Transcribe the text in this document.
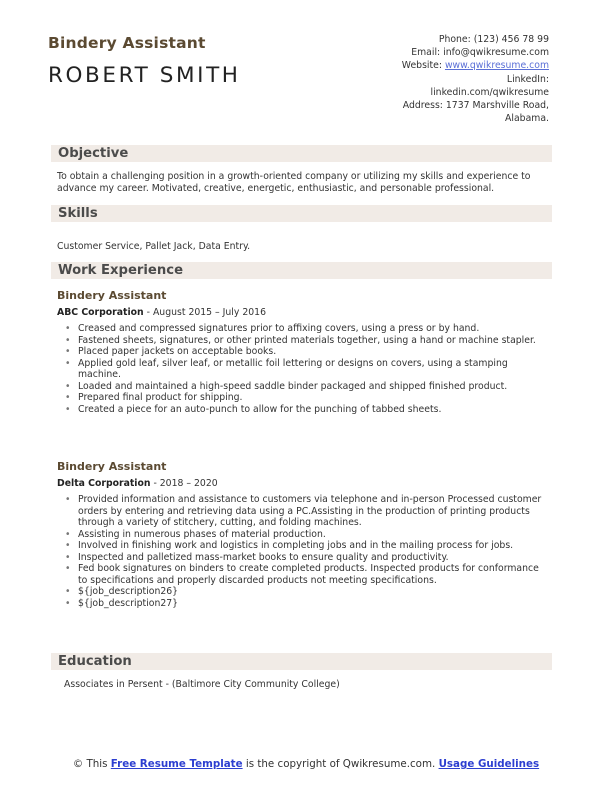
Bindery Assistant
ROBERT SMITH
Phone: (123) 456 78 99
Email: info@qwikresume.com
Website: www.qwikresume.com
LinkedIn:
linkedin.com/qwikresume
Address: 1737 Marshville Road,
Alabama.
Objective
To obtain a challenging position in a growth-oriented company or utilizing my skills and experience to advance my career. Motivated, creative, energetic, enthusiastic, and personable professional.
Skills
Customer Service, Pallet Jack, Data Entry.
Work Experience
Bindery Assistant
ABC Corporation - August 2015 – July 2016
• Creased and compressed signatures prior to affixing covers, using a press or by hand.
• Fastened sheets, signatures, or other printed materials together, using a hand or machine stapler.
• Placed paper jackets on acceptable books.
• Applied gold leaf, silver leaf, or metallic foil lettering or designs on covers, using a stamping machine.
• Loaded and maintained a high-speed saddle binder packaged and shipped finished product.
• Prepared final product for shipping.
• Created a piece for an auto-punch to allow for the punching of tabbed sheets.
Bindery Assistant
Delta Corporation - 2018 – 2020
• Provided information and assistance to customers via telephone and in-person Processed customer orders by entering and retrieving data using a PC.Assisting in the production of printing products through a variety of stitchery, cutting, and folding machines.
• Assisting in numerous phases of material production.
• Involved in finishing work and logistics in completing jobs and in the mailing process for jobs.
• Inspected and palletized mass-market books to ensure quality and productivity.
• Fed book signatures on binders to create completed products. Inspected products for conformance to specifications and properly discarded products not meeting specifications.
• ${job_description26}
• ${job_description27}
Education
Associates in Persent - (Baltimore City Community College)
© This Free Resume Template is the copyright of Qwikresume.com. Usage Guidelines
